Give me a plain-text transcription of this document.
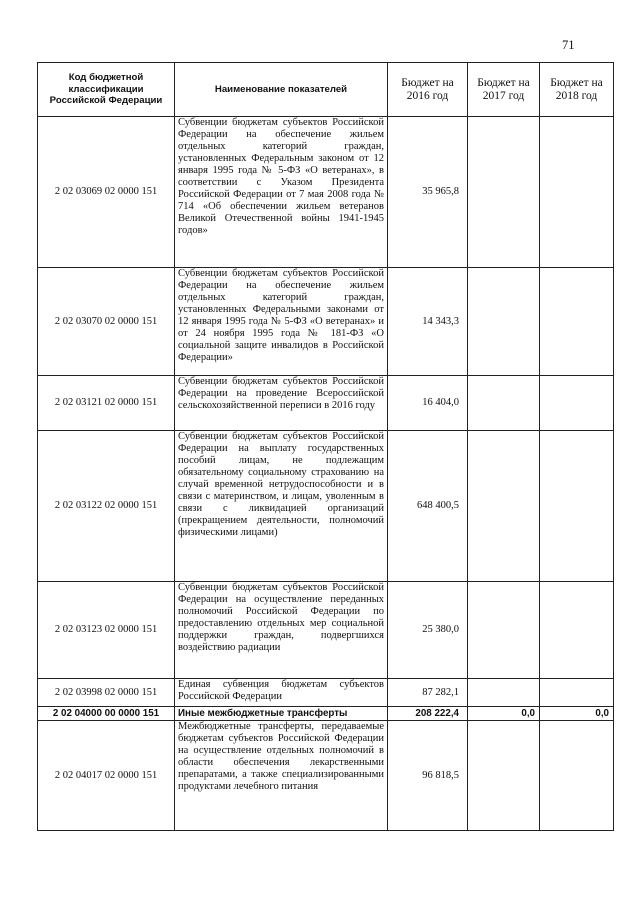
71
Код бюджетной классификации Российской Федерации	Наименование показателей	Бюджет на 2016 год	Бюджет на 2017 год	Бюджет на 2018 год
2 02 03069 02 0000 151	Субвенции бюджетам субъектов Российской Федерации на обеспечение жильем отдельных категорий граждан, установленных Федеральным законом от 12 января 1995 года № 5-ФЗ «О ветеранах», в соответствии с Указом Президента Российской Федерации от 7 мая 2008 года № 714 «Об обеспечении жильем ветеранов Великой Отечественной войны 1941-1945 годов»	35 965,8		
2 02 03070 02 0000 151	Субвенции бюджетам субъектов Российской Федерации на обеспечение жильем отдельных категорий граждан, установленных Федеральными законами от 12 января 1995 года № 5-ФЗ «О ветеранах» и от 24 ноября 1995 года № 181-ФЗ «О социальной защите инвалидов в Российской Федерации»	14 343,3		
2 02 03121 02 0000 151	Субвенции бюджетам субъектов Российской Федерации на проведение Всероссийской сельскохозяйственной переписи в 2016 году	16 404,0		
2 02 03122 02 0000 151	Субвенции бюджетам субъектов Российской Федерации на выплату государственных пособий лицам, не подлежащим обязательному социальному страхованию на случай временной нетрудоспособности и в связи с материнством, и лицам, уволенным в связи с ликвидацией организаций (прекращением деятельности, полномочий физическими лицами)	648 400,5		
2 02 03123 02 0000 151	Субвенции бюджетам субъектов Российской Федерации на осуществление переданных полномочий Российской Федерации по предоставлению отдельных мер социальной поддержки граждан, подвергшихся воздействию радиации	25 380,0		
2 02 03998 02 0000 151	Единая субвенция бюджетам субъектов Российской Федерации	87 282,1		
2 02 04000 00 0000 151	Иные межбюджетные трансферты	208 222,4	0,0	0,0
2 02 04017 02 0000 151	Межбюджетные трансферты, передаваемые бюджетам субъектов Российской Федерации на осуществление отдельных полномочий в области обеспечения лекарственными препаратами, а также специализированными продуктами лечебного питания	96 818,5		
